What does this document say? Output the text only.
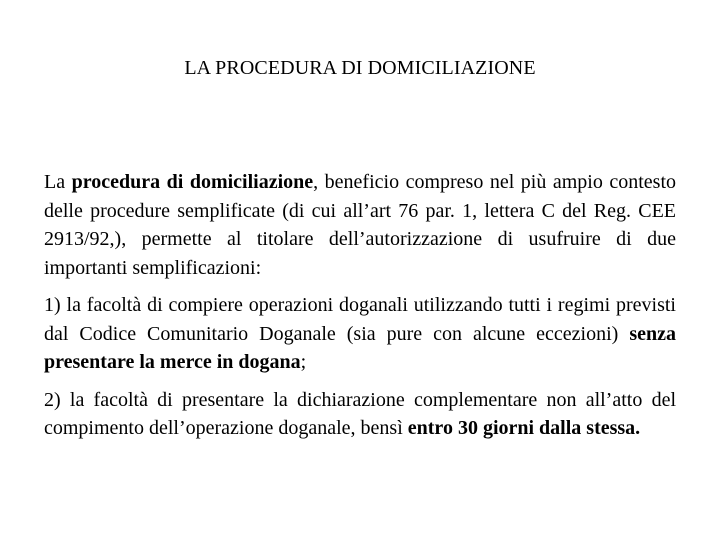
LA PROCEDURA DI DOMICILIAZIONE

La procedura di domiciliazione, beneficio compreso nel più ampio contesto delle procedure semplificate (di cui all’art 76 par. 1, lettera C del Reg. CEE 2913/92,), permette al titolare dell’autorizzazione di usufruire di due importanti semplificazioni:

1) la facoltà di compiere operazioni doganali utilizzando tutti i regimi previsti dal Codice Comunitario Doganale (sia pure con alcune eccezioni) senza presentare la merce in dogana;

2) la facoltà di presentare la dichiarazione complementare non all’atto del compimento dell’operazione doganale, bensì entro 30 giorni dalla stessa.
